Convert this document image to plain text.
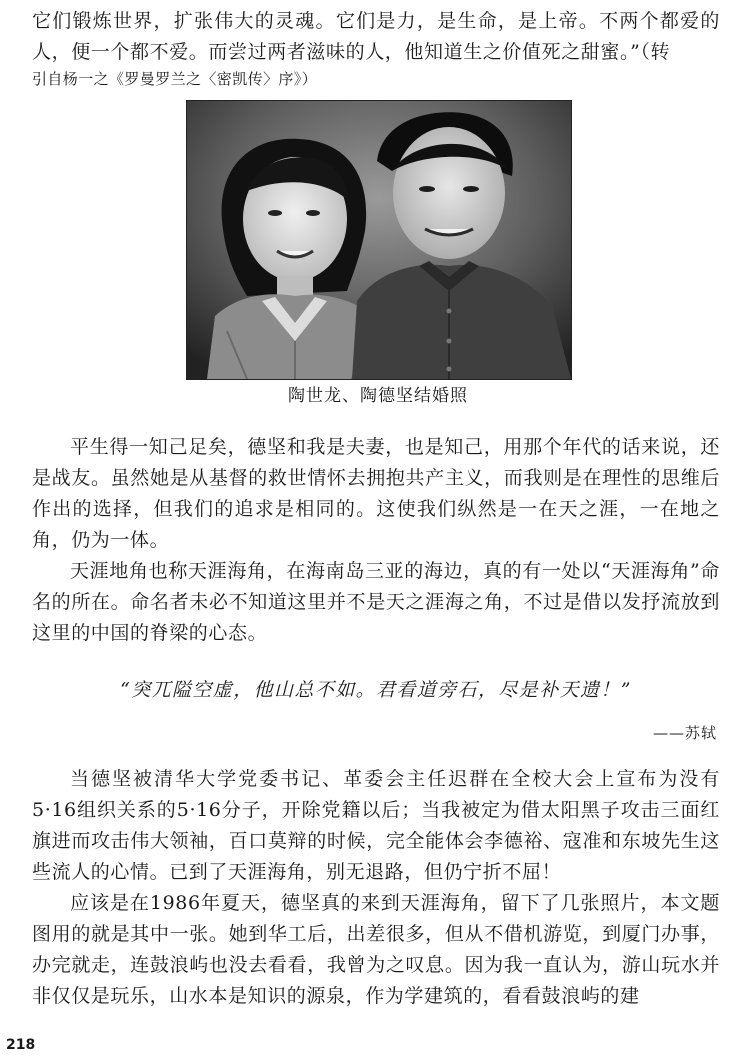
它们锻炼世界，扩张伟大的灵魂。它们是力，是生命，是上帝。不两个都爱的人，便一个都不爱。而尝过两者滋味的人，他知道生之价值死之甜蜜。”（转

引自杨一之《罗曼罗兰之〈密凯传〉序》）

陶世龙、陶德坚结婚照

平生得一知己足矣，德坚和我是夫妻，也是知己，用那个年代的话来说，还是战友。虽然她是从基督的救世情怀去拥抱共产主义，而我则是在理性的思维后作出的选择，但我们的追求是相同的。这使我们纵然是一在天之涯，一在地之角，仍为一体。

天涯地角也称天涯海角，在海南岛三亚的海边，真的有一处以“天涯海角”命名的所在。命名者未必不知道这里并不是天之涯海之角，不过是借以发抒流放到这里的中国的脊梁的心态。

“突兀隘空虚，他山总不如。君看道旁石，尽是补天遗！”

——苏轼

当德坚被清华大学党委书记、革委会主任迟群在全校大会上宣布为没有5·16组织关系的5·16分子，开除党籍以后；当我被定为借太阳黑子攻击三面红旗进而攻击伟大领袖，百口莫辩的时候，完全能体会李德裕、寇准和东坡先生这些流人的心情。已到了天涯海角，别无退路，但仍宁折不屈！

应该是在1986年夏天，德坚真的来到天涯海角，留下了几张照片，本文题图用的就是其中一张。她到华工后，出差很多，但从不借机游览，到厦门办事，办完就走，连鼓浪屿也没去看看，我曾为之叹息。因为我一直认为，游山玩水并非仅仅是玩乐，山水本是知识的源泉，作为学建筑的，看看鼓浪屿的建

218
